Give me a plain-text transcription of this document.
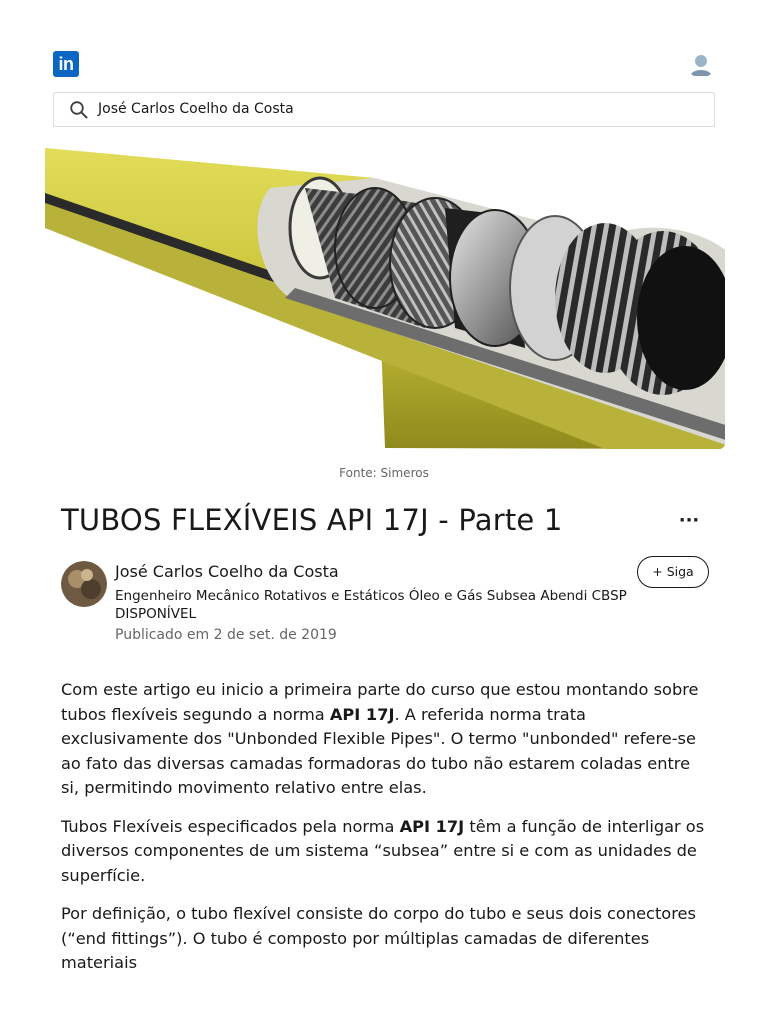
in
José Carlos Coelho da Costa
Fonte: Simeros
TUBOS FLEXÍVEIS API 17J - Parte 1	···
José Carlos Coelho da Costa
Engenheiro Mecânico Rotativos e Estáticos Óleo e Gás Subsea Abendi CBSP DISPONÍVEL
Publicado em 2 de set. de 2019
+ Siga

Com este artigo eu inicio a primeira parte do curso que estou montando sobre tubos flexíveis segundo a norma API 17J. A referida norma trata exclusivamente dos "Unbonded Flexible Pipes". O termo "unbonded" refere-se ao fato das diversas camadas formadoras do tubo não estarem coladas entre si, permitindo movimento relativo entre elas.

Tubos Flexíveis especificados pela norma API 17J têm a função de interligar os diversos componentes de um sistema “subsea” entre si e com as unidades de superfície.

Por definição, o tubo flexível consiste do corpo do tubo e seus dois conectores (“end fittings”). O tubo é composto por múltiplas camadas de diferentes materiais
